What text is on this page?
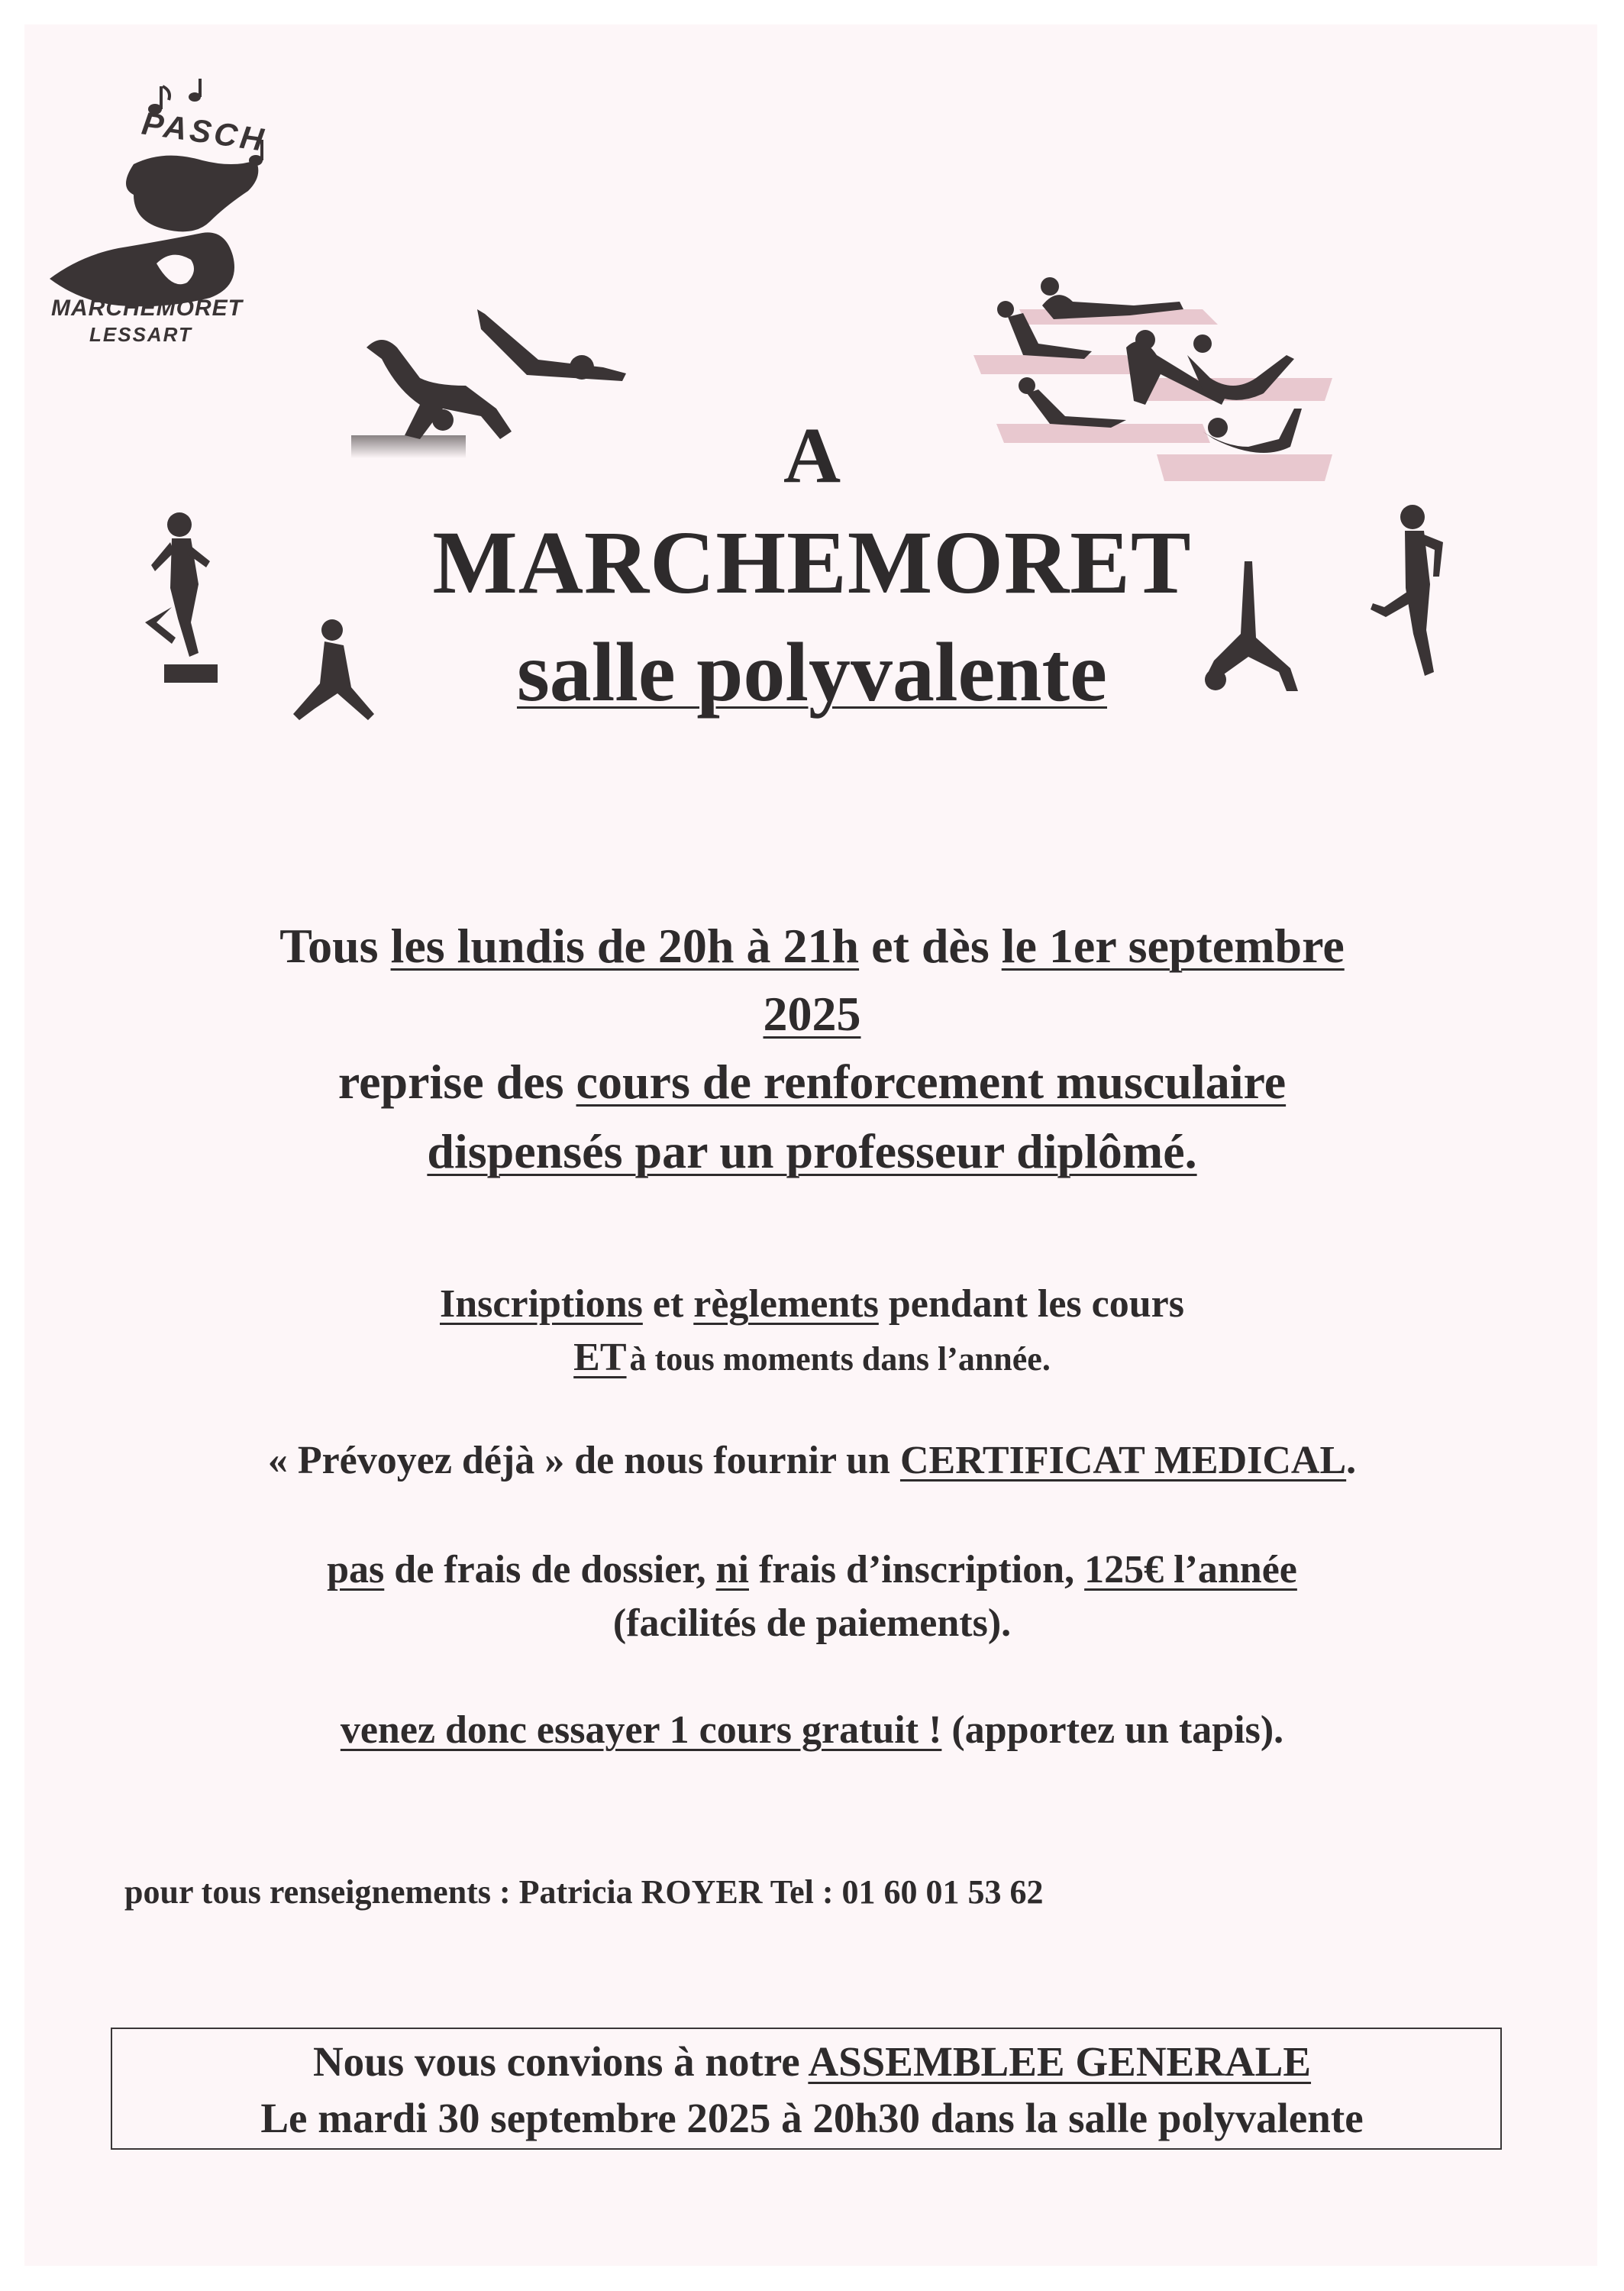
PASCH
MARCHEMORET
LESSART
A
MARCHEMORET
salle polyvalente
Tous les lundis de 20h à 21h et dès le 1er septembre
2025
reprise des cours de renforcement musculaire
dispensés par un professeur diplômé.
Inscriptions et règlements pendant les cours
ET à tous moments dans l’année.
« Prévoyez déjà » de nous fournir un CERTIFICAT MEDICAL.
pas de frais de dossier, ni frais d’inscription, 125€ l’année
(facilités de paiements).
venez donc essayer 1 cours gratuit ! (apportez un tapis).
pour tous renseignements : Patricia ROYER Tel : 01 60 01 53 62
Nous vous convions à notre ASSEMBLEE GENERALE
Le mardi 30 septembre 2025 à 20h30 dans la salle polyvalente
